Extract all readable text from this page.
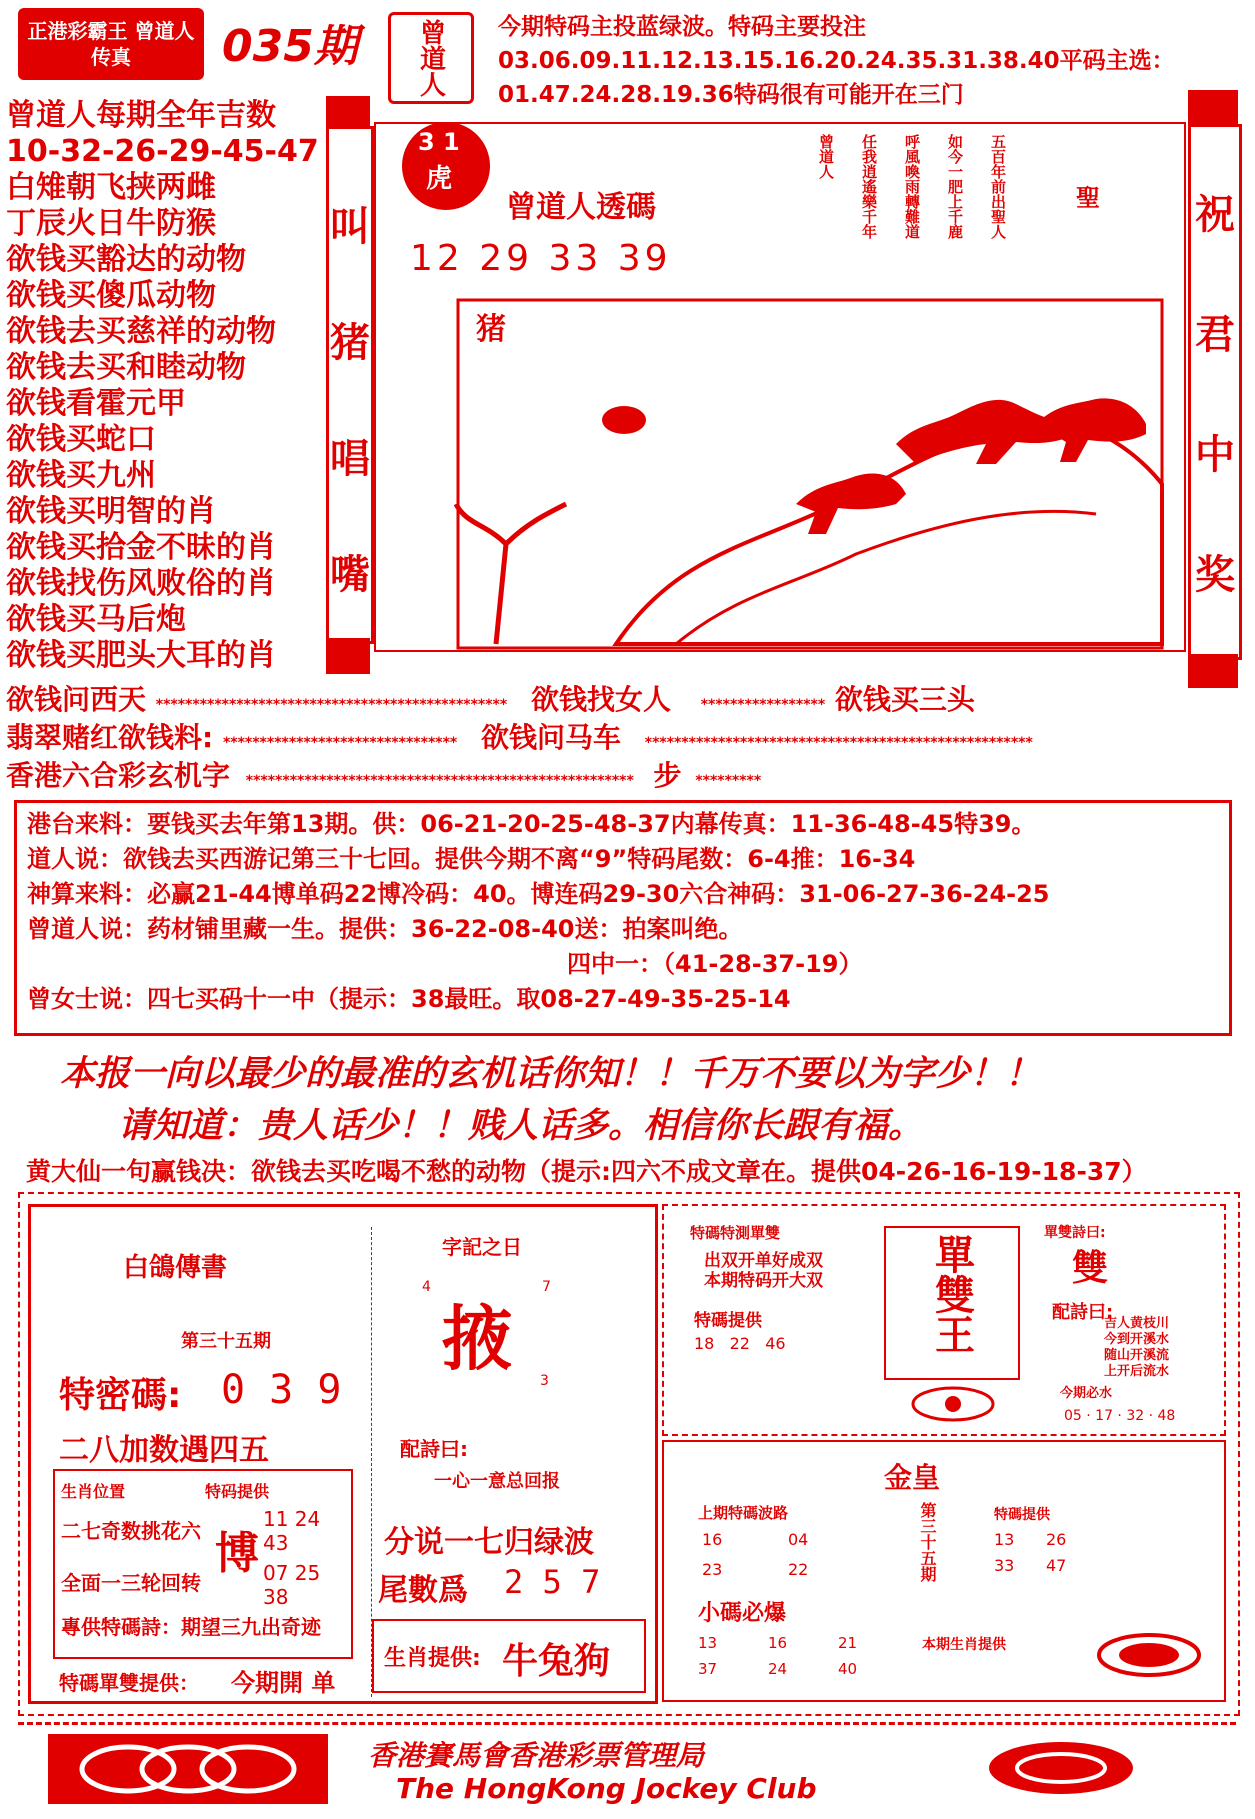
正港彩霸王 曾道人传真	035期 曾道人 今期特码主投蓝绿波。特码主要投注03.06.09.11.12.13.15.16.20.24.35.31.38.40平码主选：01.47.24.28.19.36特码很有可能开在三门
曾道人每期全年吉数
10-32-26-29-45-47
白雉朝飞挟两雌
丁辰火日牛防猴
欲钱买豁达的动物
欲钱买傻瓜动物
欲钱去买慈祥的动物
欲钱去买和睦动物
欲钱看霍元甲
欲钱买蛇口
欲钱买九州
欲钱买明智的肖
欲钱买拾金不昧的肖
欲钱找伤风败俗的肖
欲钱买马后炮
欲钱买肥头大耳的肖
叫
猪
唱
嘴
祝
君
中
奖
3 1
虎
曾道人透碼
12 29 33 39
猪
聖
五百年前出聖人
如今一肥上千鹿
呼風喚雨轉難道
任我逍遙樂千年
曾道人
欲钱问西天 ************************************************ 欲钱找女人 ***************** 欲钱买三头
翡翠赌红欲钱料: ******************************** 欲钱问马车 *****************************************************
香港六合彩玄机字 ***************************************************** 步 *********
港台来料：要钱买去年第13期。供：06-21-20-25-48-37内幕传真：11-36-48-45特39。
道人说：欲钱去买西游记第三十七回。提供今期不离“9”特码尾数：6-4推：16-34
神算来料：必赢21-44博单码22博冷码：40。博连码29-30六合神码：31-06-27-36-24-25
曾道人说：药材铺里藏一生。提供：36-22-08-40送：拍案叫绝。
四中一：（41-28-37-19）
曾女士说：四七买码十一中（提示：38最旺。取08-27-49-35-25-14
本报一向以最少的最准的玄机话你知！！千万不要以为字少！！
请知道：贵人话少！！贱人话多。相信你长跟有福。
黄大仙一句赢钱决：欲钱去买吃喝不愁的动物（提示:四六不成文章在。提供04-26-16-19-18-37）
白鴿傳書
第三十五期
特密碼: 0 3 9
二八加数遇四五
生肖位置	特码提供
二七奇数挑花六
全面一三轮回转
博
11 24 43
07 25 38
專供特碼詩：期望三九出奇迹
特碼單雙提供： 今期開 单
字記之日
4	7
掖
3
配詩曰:
一心一意总回报
分说一七归绿波
尾數爲 2 5 7
生肖提供: 牛兔狗
特碼特測單雙
出双开单好成双
本期特码开大双
特碼提供
18   22   46	單雙王
單雙詩曰:
雙
配詩曰:
吉人黄枝川
今到开溪水
随山开溪流
上开后流水
今期必水
05 · 17 · 32 · 48
金皇
上期特碼波路
16	04
23	22	第三十五期	特碼提供
13 26
33 47
小碼必爆
13	16	21
37	24	40
本期生肖提供
香港賽馬會香港彩票管理局
The HongKong Jockey Club
